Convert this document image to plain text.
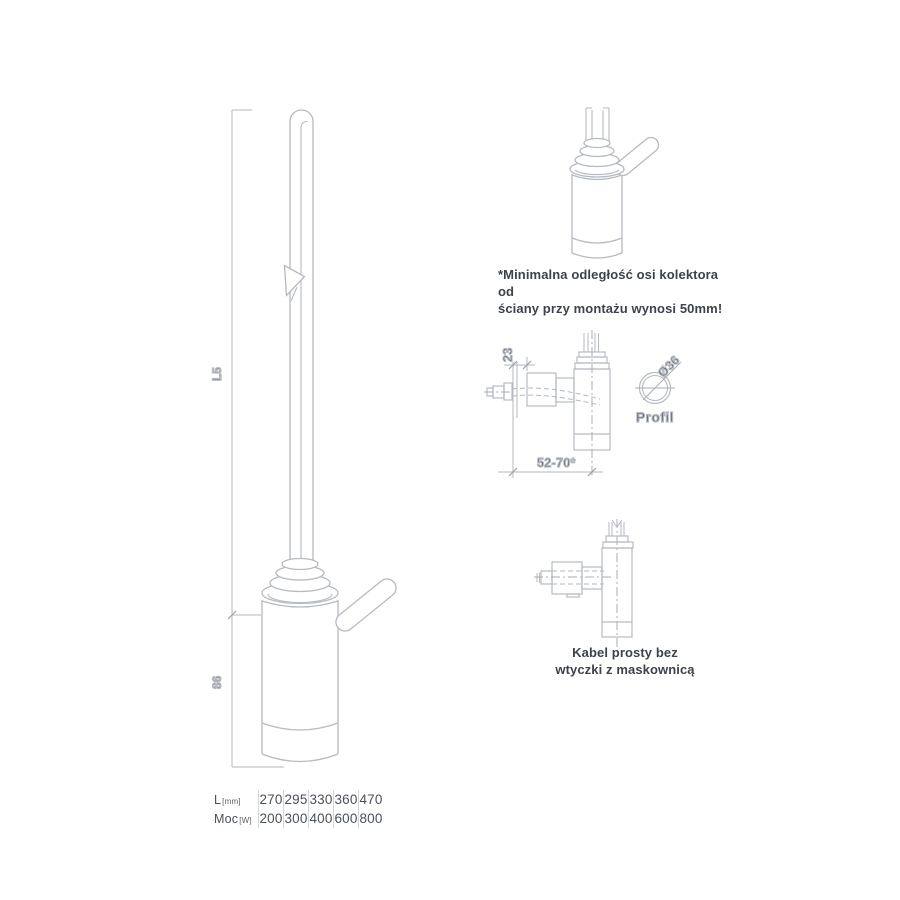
L5
86
23
52-70*
Ø36
Profil
*Minimalna odległość osi kolektora od
ściany przy montażu wynosi 50mm!
Kabel prosty bez
wtyczki z maskownicą
L [mm] 270 295 330 360 470
Moc [W] 200 300 400 600 800
